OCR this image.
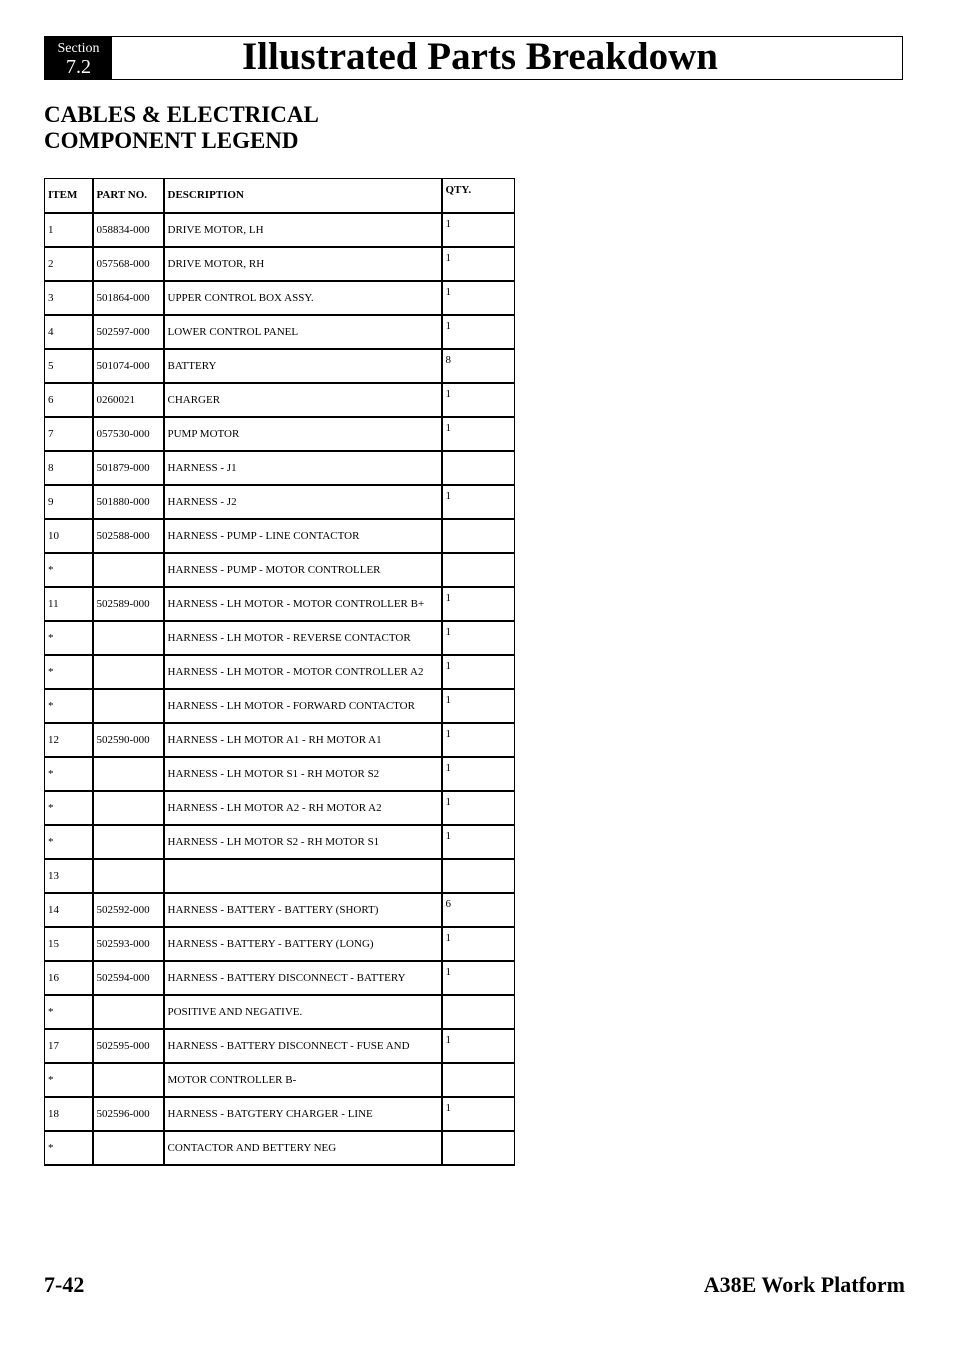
Section
7.2	Illustrated Parts Breakdown
CABLES & ELECTRICAL
COMPONENT LEGEND
ITEM	PART NO.	DESCRIPTION	QTY.
1	058834-000	DRIVE MOTOR, LH	1
2	057568-000	DRIVE MOTOR, RH	1
3	501864-000	UPPER CONTROL BOX ASSY.	1
4	502597-000	LOWER CONTROL PANEL	1
5	501074-000	BATTERY	8
6	0260021	CHARGER	1
7	057530-000	PUMP MOTOR	1
8	501879-000	HARNESS - J1	
9	501880-000	HARNESS - J2	1
10	502588-000	HARNESS - PUMP - LINE CONTACTOR	
*		HARNESS - PUMP - MOTOR CONTROLLER	
11	502589-000	HARNESS - LH MOTOR - MOTOR CONTROLLER B+	1
*		HARNESS - LH MOTOR - REVERSE CONTACTOR	1
*		HARNESS - LH MOTOR - MOTOR CONTROLLER A2	1
*		HARNESS - LH MOTOR - FORWARD CONTACTOR	1
12	502590-000	HARNESS - LH MOTOR A1 - RH MOTOR A1	1
*		HARNESS - LH MOTOR S1 - RH MOTOR S2	1
*		HARNESS - LH MOTOR A2 - RH MOTOR A2	1
*		HARNESS - LH MOTOR S2 - RH MOTOR S1	1
13			
14	502592-000	HARNESS - BATTERY - BATTERY (SHORT)	6
15	502593-000	HARNESS - BATTERY - BATTERY (LONG)	1
16	502594-000	HARNESS - BATTERY DISCONNECT - BATTERY	1
*		POSITIVE AND NEGATIVE.	
17	502595-000	HARNESS - BATTERY DISCONNECT - FUSE AND	1
*		MOTOR CONTROLLER B-	
18	502596-000	HARNESS - BATGTERY CHARGER - LINE	1
*		CONTACTOR AND BETTERY NEG	
7-42	A38E Work Platform
